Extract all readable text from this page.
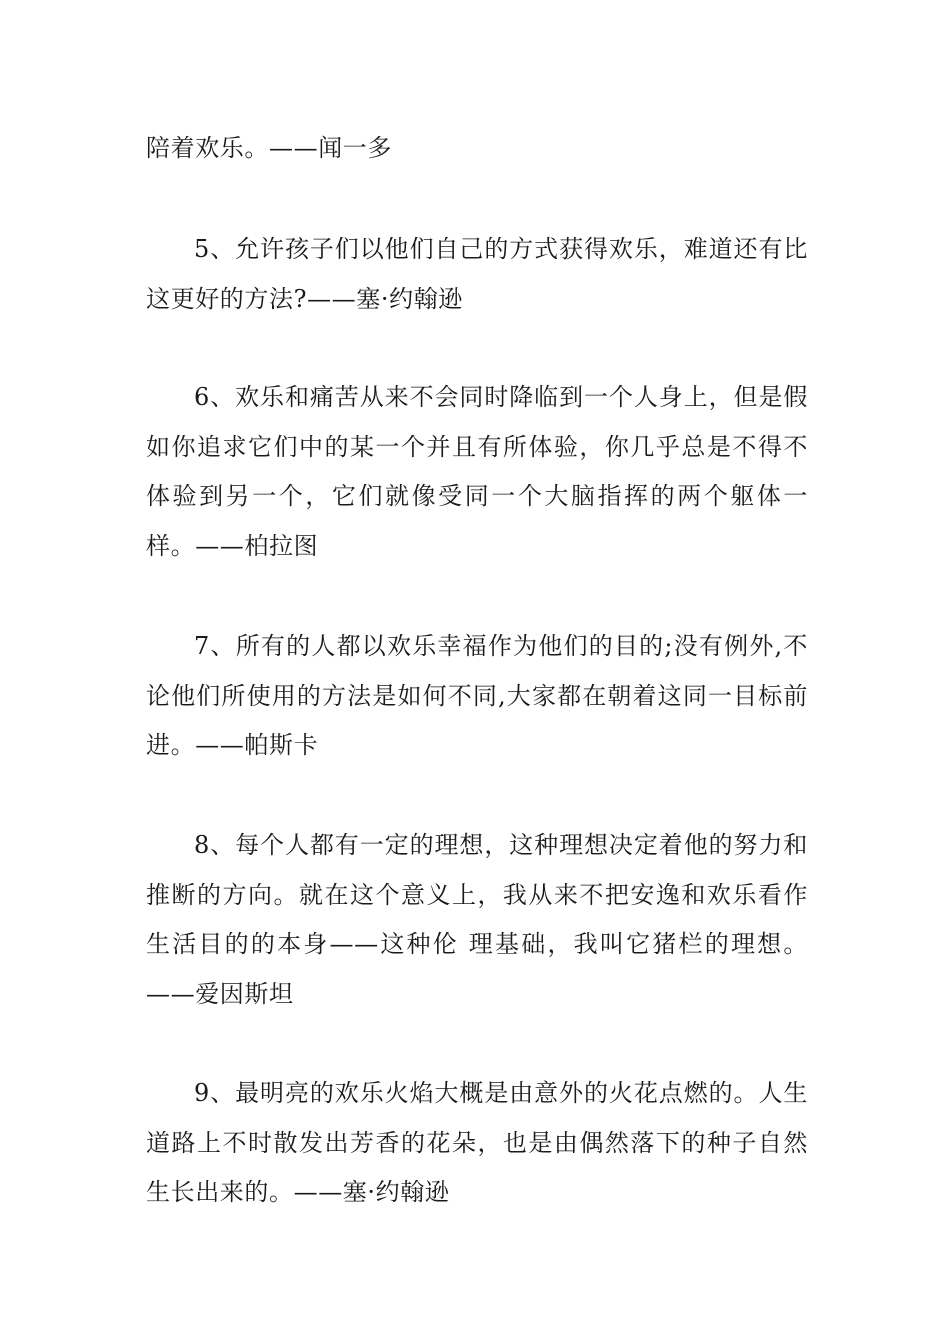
陪着欢乐。——闻一多

5、允许孩子们以他们自己的方式获得欢乐，难道还有比这更好的方法?——塞·约翰逊

6、欢乐和痛苦从来不会同时降临到一个人身上，但是假如你追求它们中的某一个并且有所体验，你几乎总是不得不体验到另一个，它们就像受同一个大脑指挥的两个躯体一样。——柏拉图

7、所有的人都以欢乐幸福作为他们的目的;没有例外,不论他们所使用的方法是如何不同,大家都在朝着这同一目标前进。——帕斯卡

8、每个人都有一定的理想，这种理想决定着他的努力和推断的方向。就在这个意义上，我从来不把安逸和欢乐看作生活目的的本身——这种伦 理基础，我叫它猪栏的理想。——爱因斯坦

9、最明亮的欢乐火焰大概是由意外的火花点燃的。人生道路上不时散发出芳香的花朵，也是由偶然落下的种子自然生长出来的。——塞·约翰逊
